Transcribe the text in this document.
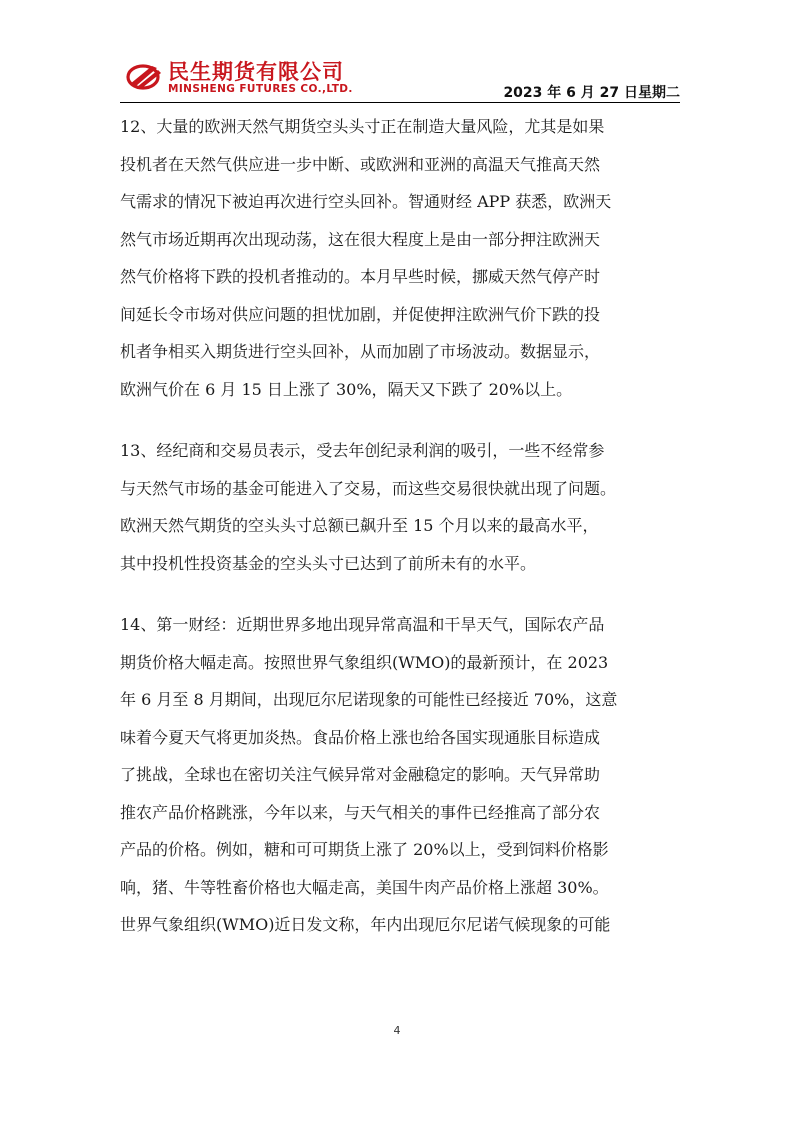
民生期货有限公司
MINSHENG FUTURES CO.,LTD.	2023 年 6 月 27 日星期二

12、大量的欧洲天然气期货空头头寸正在制造大量风险，尤其是如果
投机者在天然气供应进一步中断、或欧洲和亚洲的高温天气推高天然
气需求的情况下被迫再次进行空头回补。智通财经 APP 获悉，欧洲天
然气市场近期再次出现动荡，这在很大程度上是由一部分押注欧洲天
然气价格将下跌的投机者推动的。本月早些时候，挪威天然气停产时
间延长令市场对供应问题的担忧加剧，并促使押注欧洲气价下跌的投
机者争相买入期货进行空头回补，从而加剧了市场波动。数据显示，
欧洲气价在 6 月 15 日上涨了 30%，隔天又下跌了 20%以上。

13、经纪商和交易员表示，受去年创纪录利润的吸引，一些不经常参
与天然气市场的基金可能进入了交易，而这些交易很快就出现了问题。
欧洲天然气期货的空头头寸总额已飙升至 15 个月以来的最高水平，
其中投机性投资基金的空头头寸已达到了前所未有的水平。

14、第一财经：近期世界多地出现异常高温和干旱天气，国际农产品
期货价格大幅走高。按照世界气象组织(WMO)的最新预计，在 2023
年 6 月至 8 月期间，出现厄尔尼诺现象的可能性已经接近 70%，这意
味着今夏天气将更加炎热。食品价格上涨也给各国实现通胀目标造成
了挑战，全球也在密切关注气候异常对金融稳定的影响。天气异常助
推农产品价格跳涨，今年以来，与天气相关的事件已经推高了部分农
产品的价格。例如，糖和可可期货上涨了 20%以上，受到饲料价格影
响，猪、牛等牲畜价格也大幅走高，美国牛肉产品价格上涨超 30%。
世界气象组织(WMO)近日发文称，年内出现厄尔尼诺气候现象的可能

4
